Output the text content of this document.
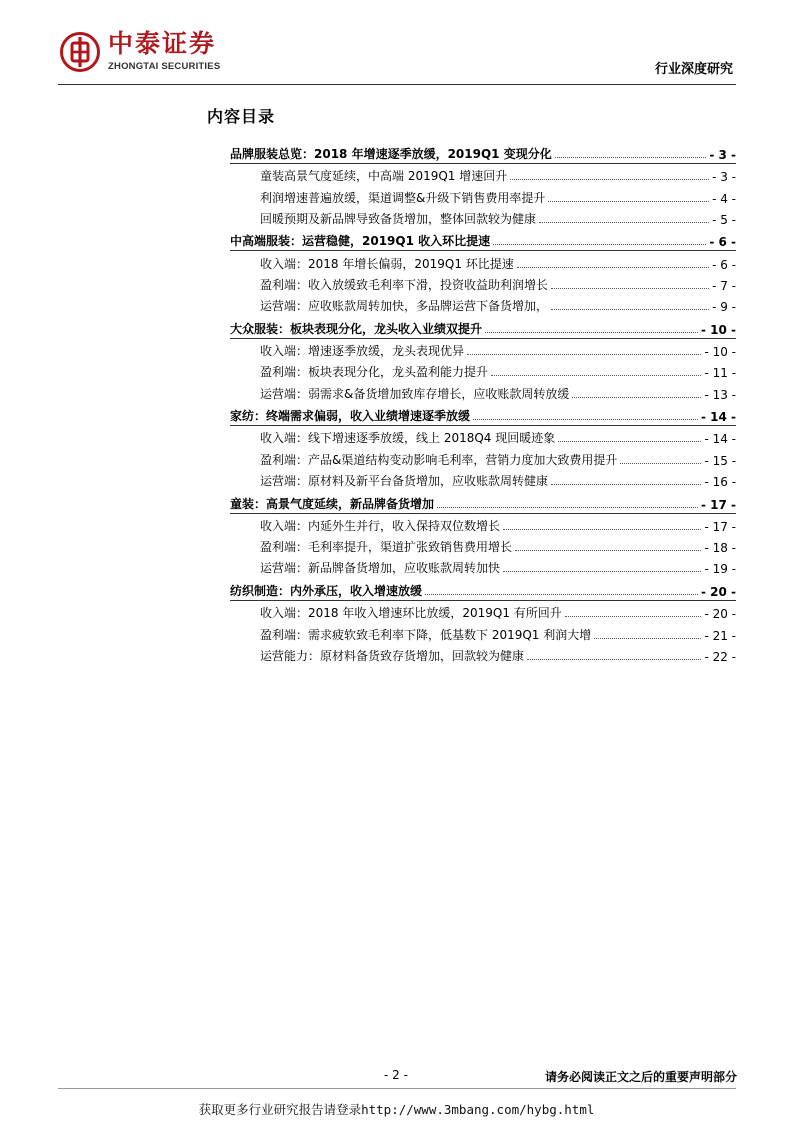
中泰证券
ZHONGTAI SECURITIES	行业深度研究
内容目录
品牌服装总览：2018 年增速逐季放缓，2019Q1 变现分化	- 3 -
童装高景气度延续，中高端 2019Q1 增速回升	- 3 -
利润增速普遍放缓，渠道调整&升级下销售费用率提升	- 4 -
回暖预期及新品牌导致备货增加，整体回款较为健康	- 5 -
中高端服装：运营稳健，2019Q1 收入环比提速	- 6 -
收入端：2018 年增长偏弱，2019Q1 环比提速	- 6 -
盈利端：收入放缓致毛利率下滑，投资收益助利润增长	- 7 -
运营端：应收账款周转加快，多品牌运营下备货增加，	- 9 -
大众服装：板块表现分化，龙头收入业绩双提升	- 10 -
收入端：增速逐季放缓，龙头表现优异	- 10 -
盈利端：板块表现分化，龙头盈利能力提升	- 11 -
运营端：弱需求&备货增加致库存增长，应收账款周转放缓	- 13 -
家纺：终端需求偏弱，收入业绩增速逐季放缓	- 14 -
收入端：线下增速逐季放缓，线上 2018Q4 现回暖迹象	- 14 -
盈利端：产品&渠道结构变动影响毛利率，营销力度加大致费用提升	- 15 -
运营端：原材料及新平台备货增加，应收账款周转健康	- 16 -
童装：高景气度延续，新品牌备货增加	- 17 -
收入端：内延外生并行，收入保持双位数增长	- 17 -
盈利端：毛利率提升，渠道扩张致销售费用增长	- 18 -
运营端：新品牌备货增加，应收账款周转加快	- 19 -
纺织制造：内外承压，收入增速放缓	- 20 -
收入端：2018 年收入增速环比放缓，2019Q1 有所回升	- 20 -
盈利端：需求疲软致毛利率下降，低基数下 2019Q1 利润大增	- 21 -
运营能力：原材料备货致存货增加，回款较为健康	- 22 -
- 2 -	请务必阅读正文之后的重要声明部分
获取更多行业研究报告请登录http://www.3mbang.com/hybg.html
